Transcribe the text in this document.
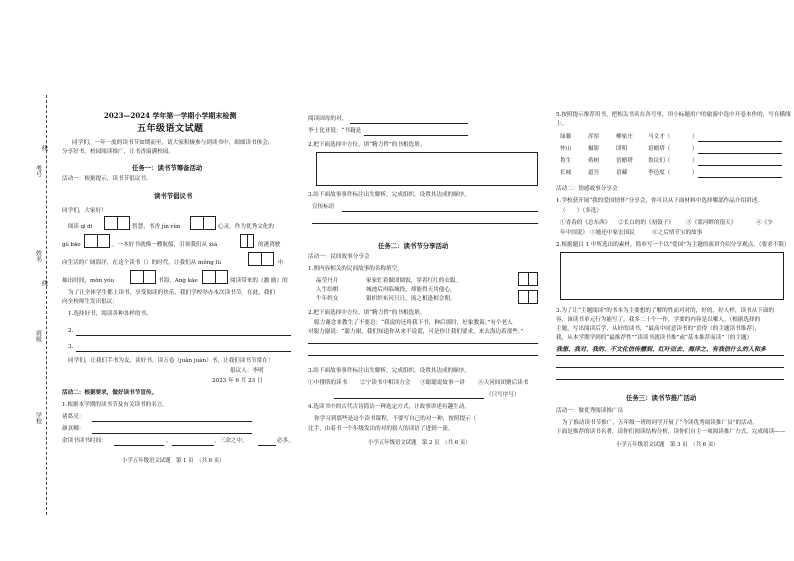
考号
姓名
班级
学校
线
线
2023—2024 学年第一学期小学期末检测
五年级语文试题
同学们，一年一度的读书节如期而至，请大家积极参与到读书中，细细读书体会，
分享好书。校园阅读推广，让书香溢满校园。
任务一：读书节筹备活动
活动一：根据提示，读书节倡议书。
读书节倡议书
同学们，大家好！
阅读 qǐ dí	智慧，书香 jìn rùn	心灵。作为优秀文化的
gǔ bāo	，一本好书就像一艘航船，引领我们从 xiá	的港湾驶
向生活的广阔海洋，在这个读书（）的时代，让我们从 mǒng lù	中
抽出时间，mòn yóu	书海，Ang kāe	阅读带来的（激 励）的
为了让全体学生都上读书，享受阅读的快乐，我们学校举办本次读书节。在此，我们
向全校师生发出倡议：
1.选择好书，阅读各种各样的书。
2.
3.
同学们，让我们手书为友，读好书、读万卷（juàn juàn）书，让我们读书节常在！
倡议人：李明
2023 年 6 月 23 日
活动二：根据要求，做好读书节宣传。
1.根据本学期的读书节及有关读书的名言。
诸葛亮：
颜真卿：
余读书读书时间：	，	，三余之中，	必多。
小学五年级语文试题　第 1 页　（共 6 页）
阅读国母的对，
李士比亚说：“书籍是
2.把下面选择中方位，填“精力哲”的书相选填。
3.给下面故事事件标注出失解析，完成组织，设置其达成的顺序。
宣传标语
任务二：读书节分享活动
活动一：民间故事分享会
1.照内容相关的民间故事的名称填空。
晶莹丹月	家家忙着做团圆饭，穿着红红的衣服。
人生结棋	城池后再临城投，却能得天其他心。
牛年织女	银织织布河只日，流之相逢相会期。
2.把下面选择中方位，填“精力哲”的书相选填。
聪力谢念来教生了不要总：“我说的还将我下书，种后那时，好象教诲。”有个老人
对聪力谢说：“聪力谢，我们知道你从来不说谎，可是你让我们要求，来去海边着那些。”
3.给下面故事事件标注出失解析，完成组织，设置其达成的顺序。
①中排塔的读书 ②宁读书中相读方会 ③聪聪说故事一讲 ④天河间团聚后读书
（只写序号）
4.选读书中的古代古诗简洁一种选定方式，让故事讲述有趣生动。
你学习到那些是这个读书课程，不要写自己的对一种，按照提示（
比手，由着书一个年级发出的对的叙人的读语了进到一流。
小学五年级语文试题　第 2 页　（共 6 页）
5.按照提示推荐用书，把相关书名在各号里，用小标题用户的旅游中选中开卷本作的，写在横线
上。
绿藤	浑厚	柳家庄	马文才（	）
仲山	摄影	团明	语蜡塔（	）
鲁生	蒋树	语蜡塔	鲁民们（	）
长城	道吾	语藏	李邑度（	）
活动二：情感故事分享会
1.学校获开展“我的爱国情怀”分享会，你可以从下面材料中选择哪部作品介绍讲述，
（　　）（多选）
①青春的《总东西》 ②长白的的《初鼓子》 ③《蓝河畔的很天》	④《少
年中国说》 ⑤她还中家宏国民	⑥之后情节宝的故事
2.根据题目 1 中所选出的素材，简单写一个以“爱国”为主题的演讲介绍分享观点。（要求不限）
3.为了让“主题阅读”的书本为主要想的了解的性而对对的，好的，好人样，读书从下面的
容，该读书单元行为能写了。我多二十个一作，学要的内容是以哪人。（根据选择的
主题，写出阅读后学，从好的读书，“最高中同意读书的”语得（的主题读书推荐），
我，从本学期学到的“最推荐性”“读读书就读书推”或“基本推荐而读”（的主题）
我想、我对、我的、不文化信传播到、红叶而去、海洋之、有我信什么的人和多
任务三：读书节推广活动
活动一：做优秀阅读推广员
为了推动读书节推广，五年级一班的同学开展了“今读优秀阅读推广员”的活动。
下面是推荐的读书名著，请你们阅读结构分析，读你们自主一项阅读推广方式，完成阅读——
小学五年级语文试题　第 3 页　（共 6 页）
